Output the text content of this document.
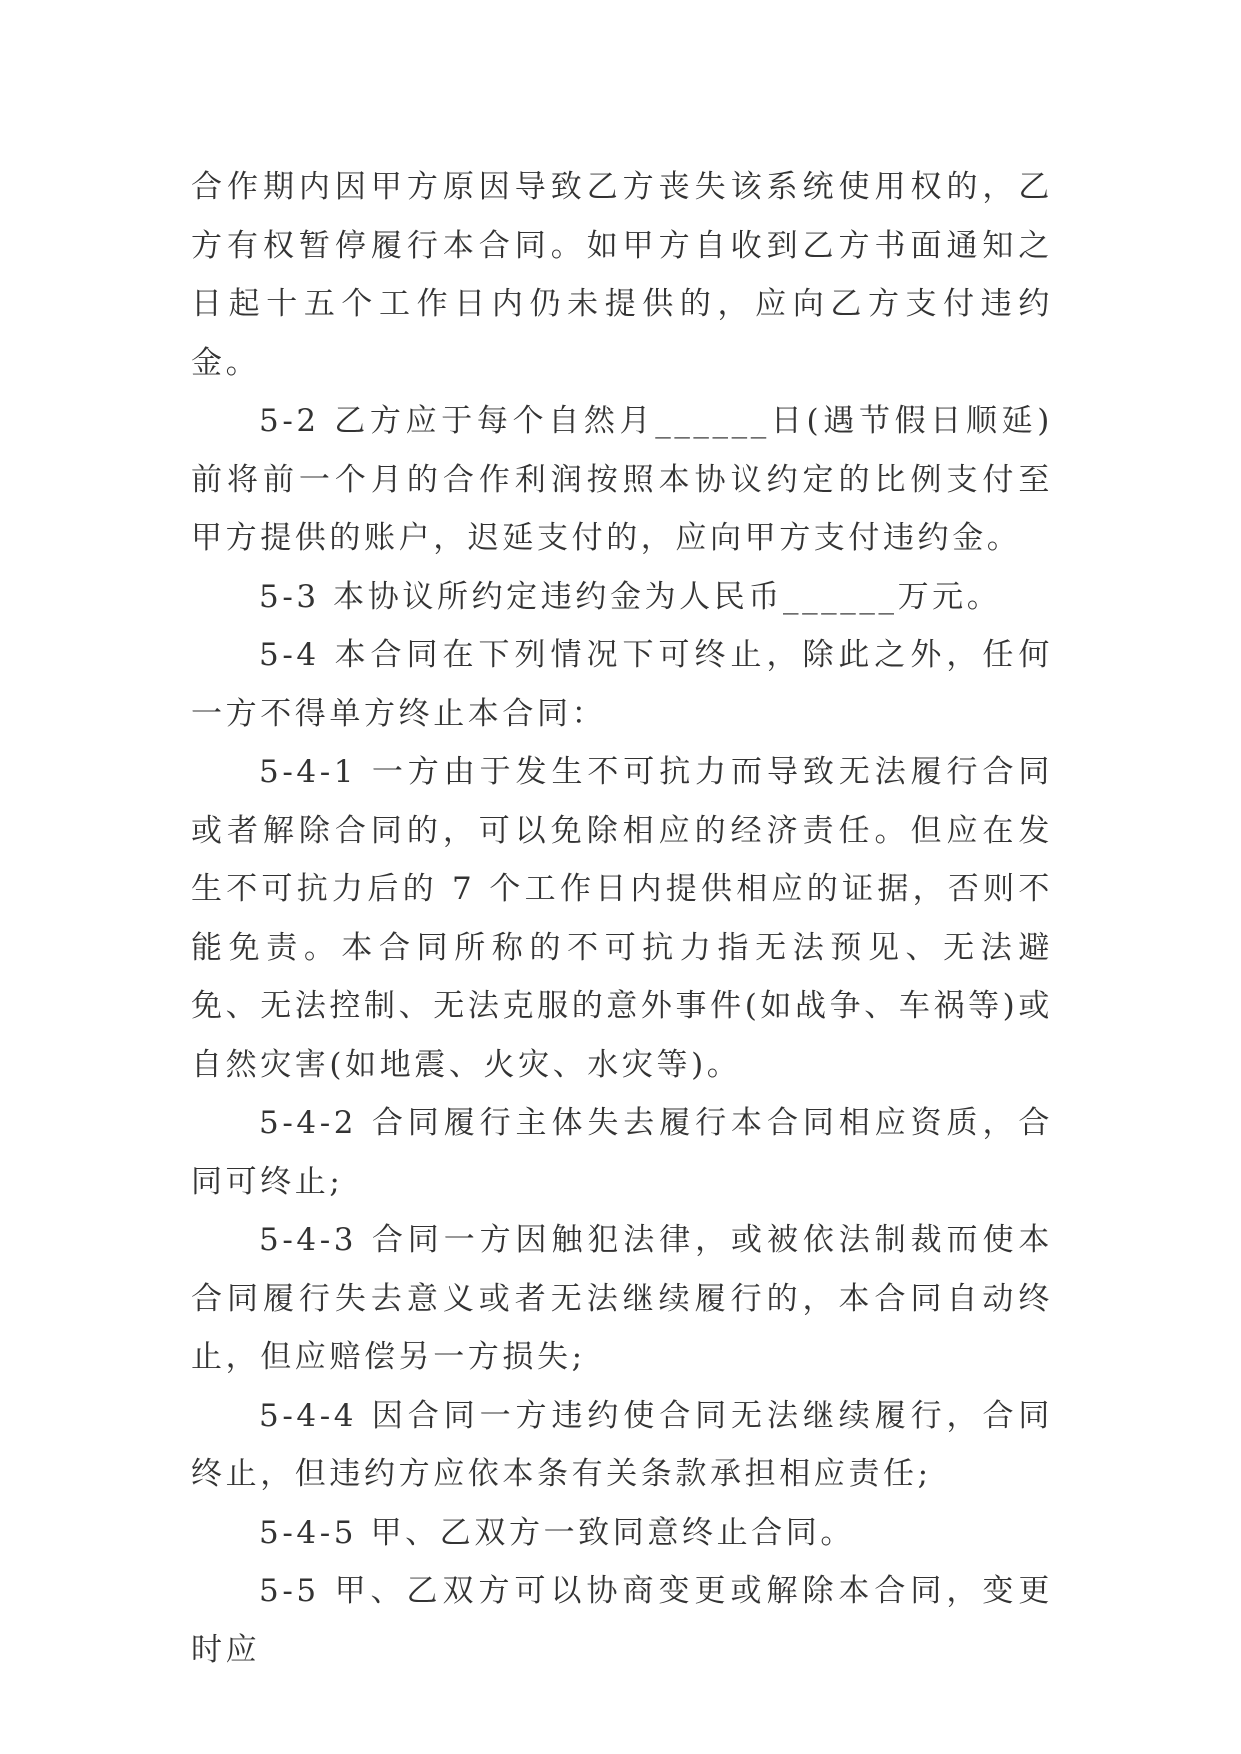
合作期内因甲方原因导致乙方丧失该系统使用权的，乙方有权暂停履行本合同。如甲方自收到乙方书面通知之日起十五个工作日内仍未提供的，应向乙方支付违约金。

5-2 乙方应于每个自然月______日(遇节假日顺延)前将前一个月的合作利润按照本协议约定的比例支付至甲方提供的账户，迟延支付的，应向甲方支付违约金。

5-3 本协议所约定违约金为人民币______万元。

5-4 本合同在下列情况下可终止，除此之外，任何一方不得单方终止本合同：

5-4-1 一方由于发生不可抗力而导致无法履行合同或者解除合同的，可以免除相应的经济责任。但应在发生不可抗力后的 7 个工作日内提供相应的证据，否则不能免责。本合同所称的不可抗力指无法预见、无法避免、无法控制、无法克服的意外事件(如战争、车祸等)或自然灾害(如地震、火灾、水灾等)。

5-4-2 合同履行主体失去履行本合同相应资质，合同可终止;

5-4-3 合同一方因触犯法律，或被依法制裁而使本合同履行失去意义或者无法继续履行的，本合同自动终止，但应赔偿另一方损失;

5-4-4 因合同一方违约使合同无法继续履行，合同终止，但违约方应依本条有关条款承担相应责任;

5-4-5 甲、乙双方一致同意终止合同。

5-5 甲、乙双方可以协商变更或解除本合同，变更时应
